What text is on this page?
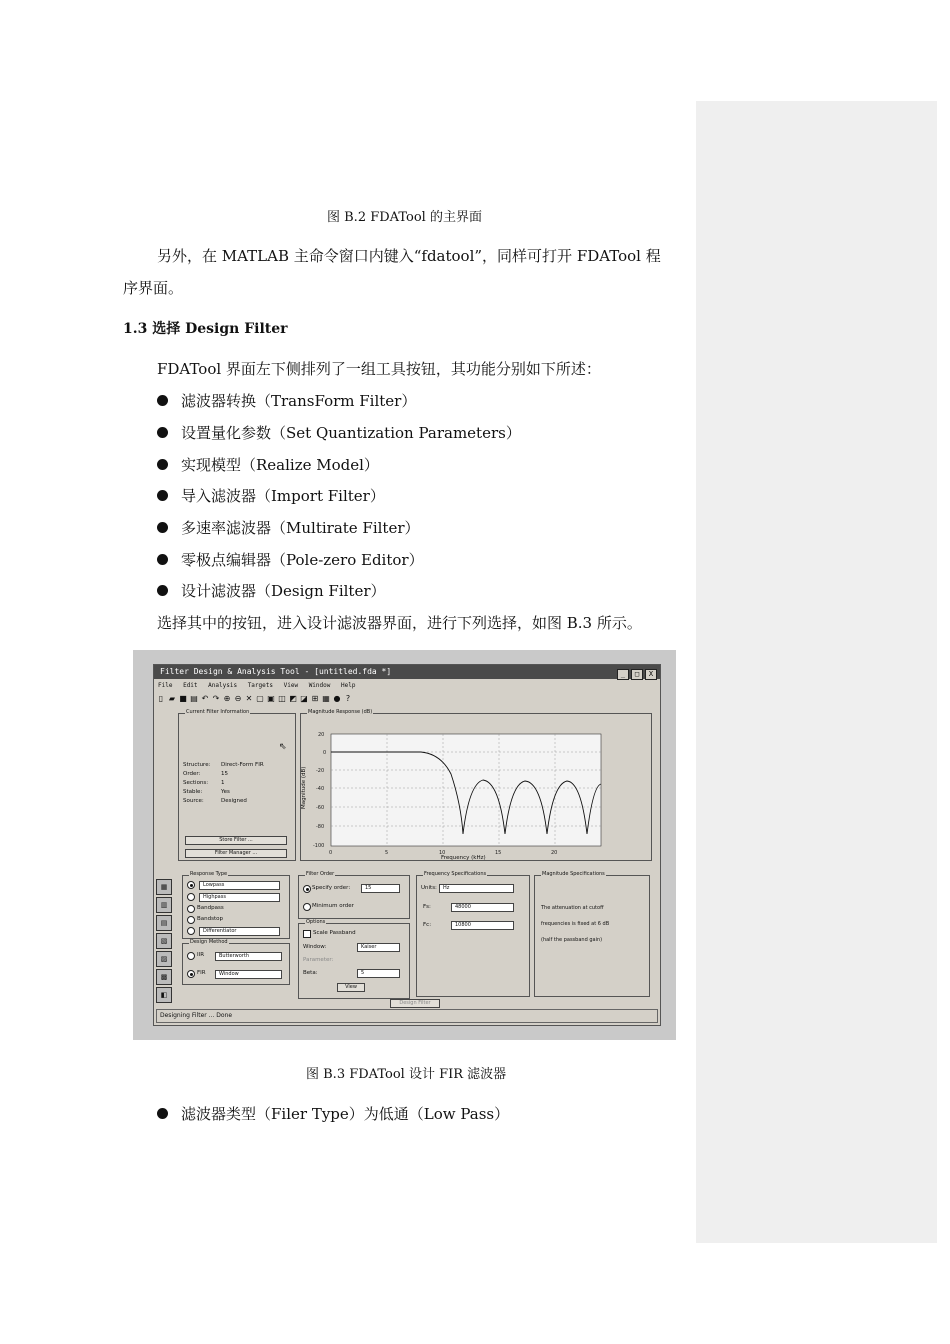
图 B.2 FDATool 的主界面
另外，在 MATLAB 主命令窗口内键入“fdatool”，同样可打开 FDATool 程
序界面。
1.3 选择 Design Filter
FDATool 界面左下侧排列了一组工具按钮，其功能分别如下所述：
滤波器转换（TransForm Filter）
设置量化参数（Set Quantization Parameters）
实现模型（Realize Model）
导入滤波器（Import Filter）
多速率滤波器（Multirate Filter）
零极点编辑器（Pole-zero Editor）
设计滤波器（Design Filter）
选择其中的按钮，进入设计滤波器界面，进行下列选择，如图 B.3 所示。
Filter Design & Analysis Tool - [untitled.fda *]	_ □ X
File Edit Analysis Targets View Window Help
▯ ▰ ■ ▤ ↶ ↷ ⊕ ⊖ ✕ ▢ ▣ ◫ ◩ ◪ ⊞ ▦ ● ?
Current Filter Information
⇖
Structure: Direct-Form FIR
Order:	15
Sections: 1
Stable:	Yes
Source:	Designed
Store Filter ...
Filter Manager ...
Magnitude Response (dB)
20
0
-20
-40
-60
-80
-100
0	5	10	15	20
Magnitude (dB)
Frequency (kHz)
Response Type
Lowpass
Highpass
Bandpass
Bandstop
Differentiator
Design Method
IIR	Butterworth
FIR	Window
Filter Order
Specify order:	15
Minimum order
Options
Scale Passband
Window:	Kaiser
Parameter:
Beta:	5
View
Frequency Specifications
Units:	Hz
Fs:	48000
Fc:	10800
Magnitude Specifications
The attenuation at cutoff
frequencies is fixed at 6 dB
(half the passband gain)
Design Filter
▦
▥
▤
▧
▨
▩
◧
Designing Filter ... Done
图 B.3 FDATool 设计 FIR 滤波器
滤波器类型（Filer Type）为低通（Low Pass）
